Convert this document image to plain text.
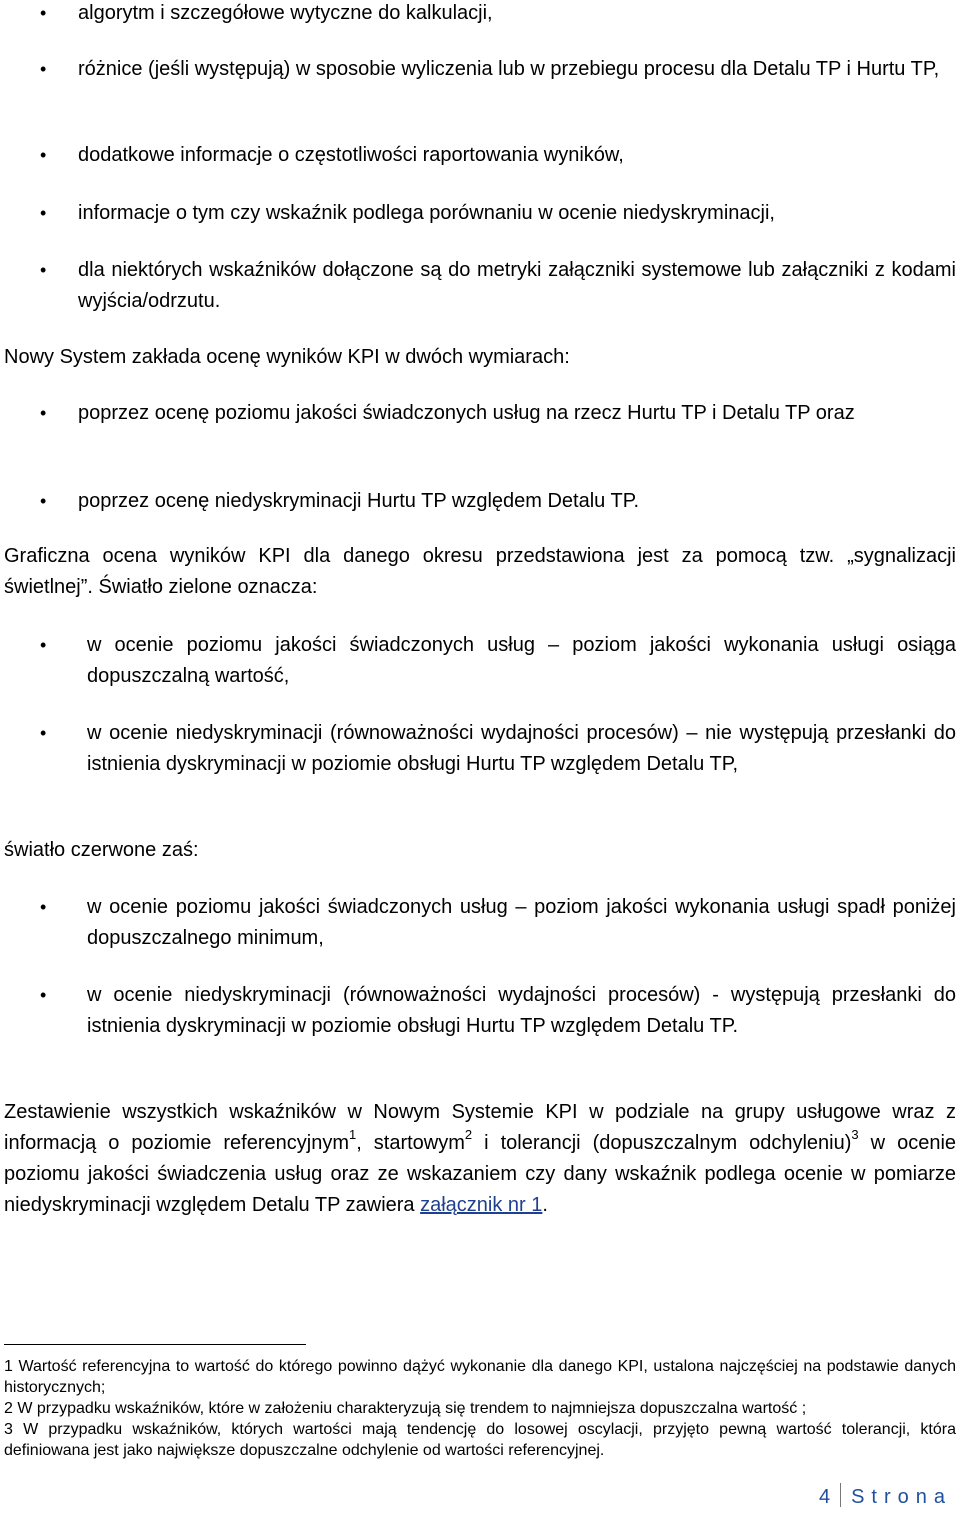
• algorytm i szczegółowe wytyczne do kalkulacji,
• różnice (jeśli występują) w sposobie wyliczenia lub w przebiegu procesu dla Detalu TP i Hurtu TP,
• dodatkowe informacje o częstotliwości raportowania wyników,
• informacje o tym czy wskaźnik podlega porównaniu w ocenie niedyskryminacji,
• dla niektórych wskaźników dołączone są do metryki załączniki systemowe lub załączniki z kodami wyjścia/odrzutu.

Nowy System zakłada ocenę wyników KPI w dwóch wymiarach:

• poprzez ocenę poziomu jakości świadczonych usług na rzecz Hurtu TP i Detalu TP oraz
• poprzez ocenę niedyskryminacji Hurtu TP względem Detalu TP.

Graficzna ocena wyników KPI dla danego okresu przedstawiona jest za pomocą tzw. „sygnalizacji świetlnej”. Światło zielone oznacza:

• w ocenie poziomu jakości świadczonych usług – poziom jakości wykonania usługi osiąga dopuszczalną wartość,
• w ocenie niedyskryminacji (równoważności wydajności procesów) – nie występują przesłanki do istnienia dyskryminacji w poziomie obsługi Hurtu TP względem Detalu TP,

światło czerwone zaś:

• w ocenie poziomu jakości świadczonych usług – poziom jakości wykonania usługi spadł poniżej dopuszczalnego minimum,
• w ocenie niedyskryminacji (równoważności wydajności procesów) - występują przesłanki do istnienia dyskryminacji w poziomie obsługi Hurtu TP względem Detalu TP.

Zestawienie wszystkich wskaźników w Nowym Systemie KPI w podziale na grupy usługowe wraz z informacją o poziomie referencyjnym$^1$, startowym$^2$ i tolerancji (dopuszczalnym odchyleniu)$^3$ w ocenie poziomu jakości świadczenia usług oraz ze wskazaniem czy dany wskaźnik podlega ocenie w pomiarze niedyskryminacji względem Detalu TP zawiera załącznik nr 1.

1 Wartość referencyjna to wartość do którego powinno dążyć wykonanie dla danego KPI, ustalona najczęściej na podstawie danych historycznych;

2 W przypadku wskaźników, które w założeniu charakteryzują się trendem to najmniejsza dopuszczalna wartość ;

3 W przypadku wskaźników, których wartości mają tendencję do losowej oscylacji, przyjęto pewną wartość tolerancji, która definiowana jest jako największe dopuszczalne odchylenie od wartości referencyjnej.

4 Strona
